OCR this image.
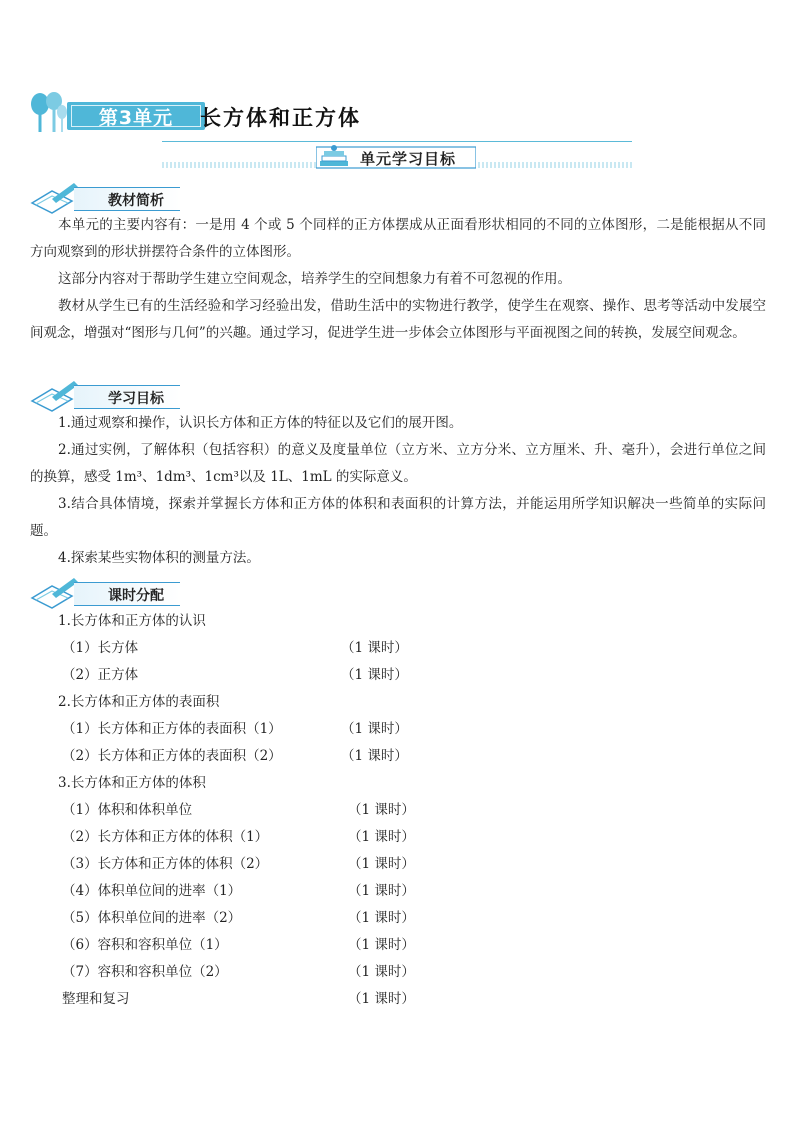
第3单元	长方体和正方体
单元学习目标
教材简析

本单元的主要内容有：一是用 4 个或 5 个同样的正方体摆成从正面看形状相同的不同的立体图形，二是能根据从不同方向观察到的形状拼摆符合条件的立体图形。

这部分内容对于帮助学生建立空间观念，培养学生的空间想象力有着不可忽视的作用。

教材从学生已有的生活经验和学习经验出发，借助生活中的实物进行教学，使学生在观察、操作、思考等活动中发展空间观念，增强对“图形与几何”的兴趣。通过学习，促进学生进一步体会立体图形与平面视图之间的转换，发展空间观念。

学习目标

1.通过观察和操作，认识长方体和正方体的特征以及它们的展开图。

2.通过实例，了解体积（包括容积）的意义及度量单位（立方米、立方分米、立方厘米、升、毫升），会进行单位之间的换算，感受 1m³、1dm³、1cm³以及 1L、1mL 的实际意义。

3.结合具体情境，探索并掌握长方体和正方体的体积和表面积的计算方法，并能运用所学知识解决一些简单的实际问题。

4.探索某些实物体积的测量方法。

课时分配
1.长方体和正方体的认识
（1）长方体	（1 课时）
（2）正方体	（1 课时）
2.长方体和正方体的表面积
（1）长方体和正方体的表面积（1）	（1 课时）
（2）长方体和正方体的表面积（2）	（1 课时）
3.长方体和正方体的体积
（1）体积和体积单位	（1 课时）
（2）长方体和正方体的体积（1）	（1 课时）
（3）长方体和正方体的体积（2）	（1 课时）
（4）体积单位间的进率（1）	（1 课时）
（5）体积单位间的进率（2）	（1 课时）
（6）容积和容积单位（1）	（1 课时）
（7）容积和容积单位（2）	（1 课时）
整理和复习	（1 课时）
